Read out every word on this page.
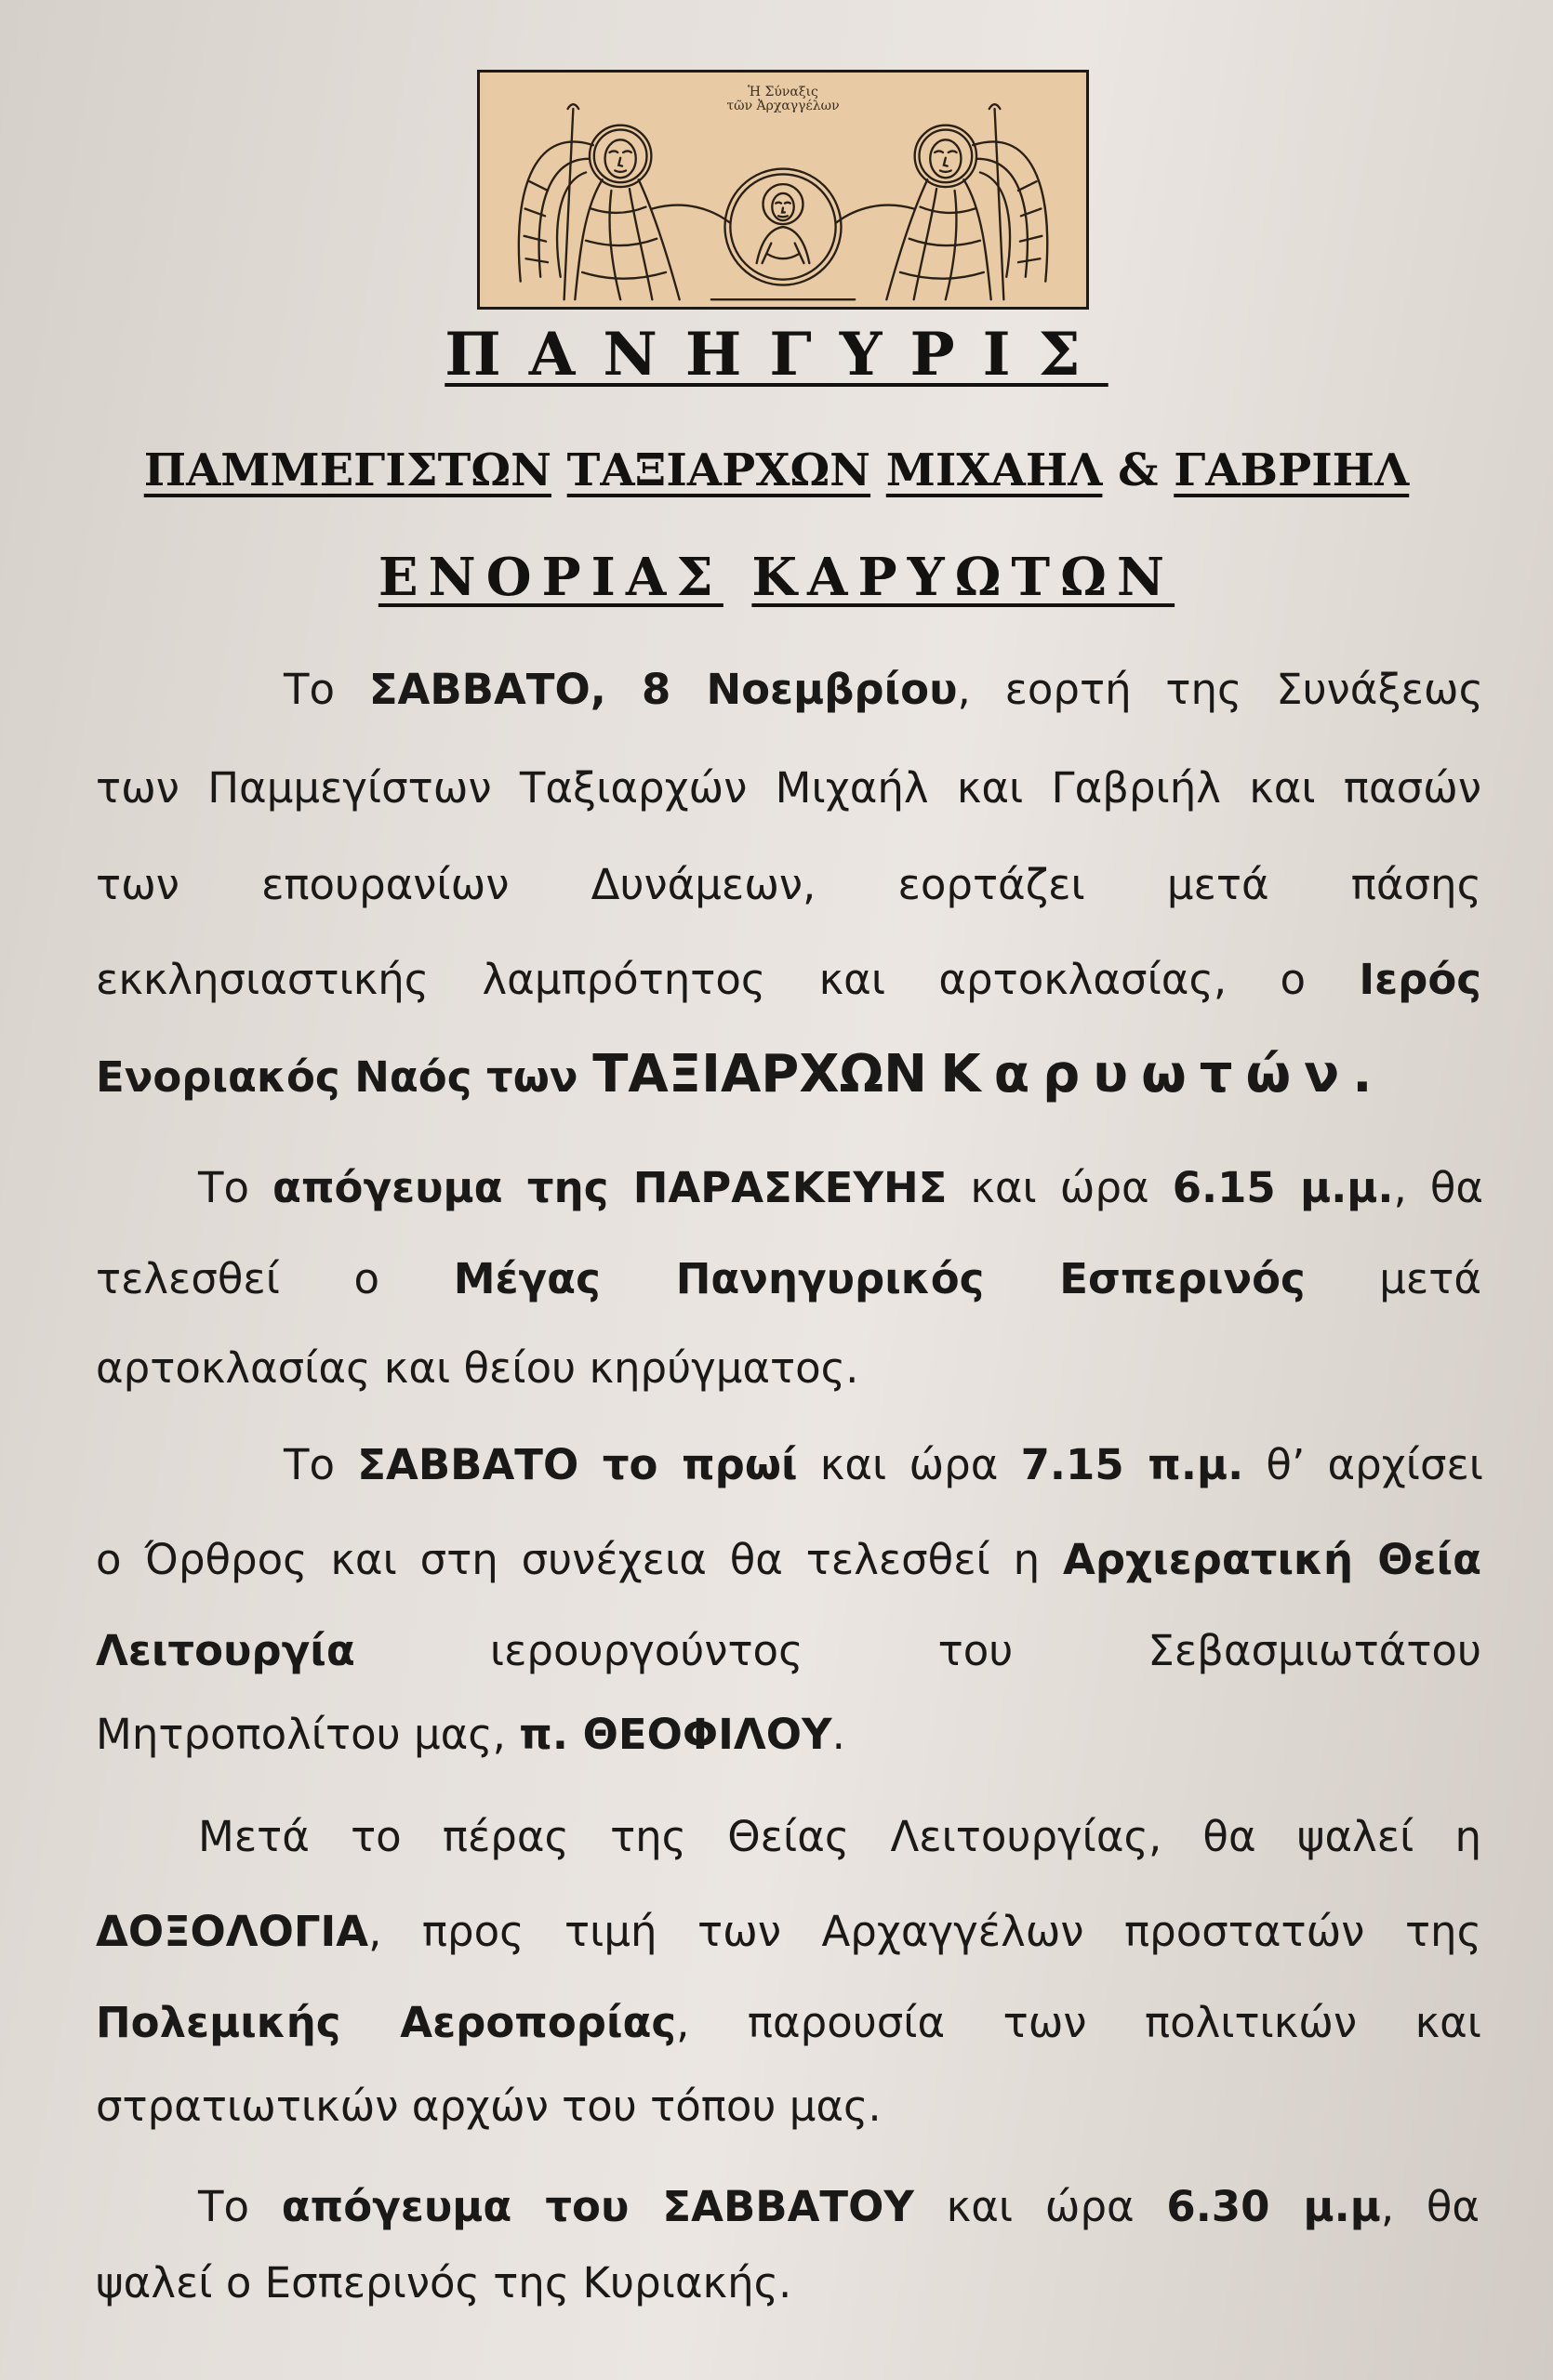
Ἡ Σύναξις
τῶν Ἀρχαγγέλων
ΠΑΝΗΓΥΡΙΣ
ΠΑΜΜΕΓΙΣΤΩΝ ΤΑΞΙΑΡΧΩΝ ΜΙΧΑΗΛ & ΓΑΒΡΙΗΛ
ΕΝΟΡΙΑΣ ΚΑΡΥΩΤΩΝ
Το ΣΑΒΒΑΤΟ, 8 Νοεμβρίου, εορτή της Συνάξεως
των Παμμεγίστων Ταξιαρχών Μιχαήλ και Γαβριήλ και πασών
των επουρανίων Δυνάμεων, εορτάζει μετά πάσης
εκκλησιαστικής λαμπρότητος και αρτοκλασίας, ο Ιερός
Ενοριακός Ναός των ΤΑΞΙΑΡΧΩΝ Καρυωτών.
Το απόγευμα της ΠΑΡΑΣΚΕΥΗΣ και ώρα 6.15 μ.μ., θα
τελεσθεί ο Μέγας Πανηγυρικός Εσπερινός μετά
αρτοκλασίας και θείου κηρύγματος.
Το ΣΑΒΒΑΤΟ το πρωί και ώρα 7.15 π.μ. θ’ αρχίσει
ο Όρθρος και στη συνέχεια θα τελεσθεί η Αρχιερατική Θεία
Λειτουργία ιερουργούντος του Σεβασμιωτάτου
Μητροπολίτου μας, π. ΘΕΟΦΙΛΟΥ.
Μετά το πέρας της Θείας Λειτουργίας, θα ψαλεί η
ΔΟΞΟΛΟΓΙΑ, προς τιμή των Αρχαγγέλων προστατών της
Πολεμικής Αεροπορίας, παρουσία των πολιτικών και
στρατιωτικών αρχών του τόπου μας.
Το απόγευμα του ΣΑΒΒΑΤΟΥ και ώρα 6.30 μ.μ, θα
ψαλεί ο Εσπερινός της Κυριακής.
